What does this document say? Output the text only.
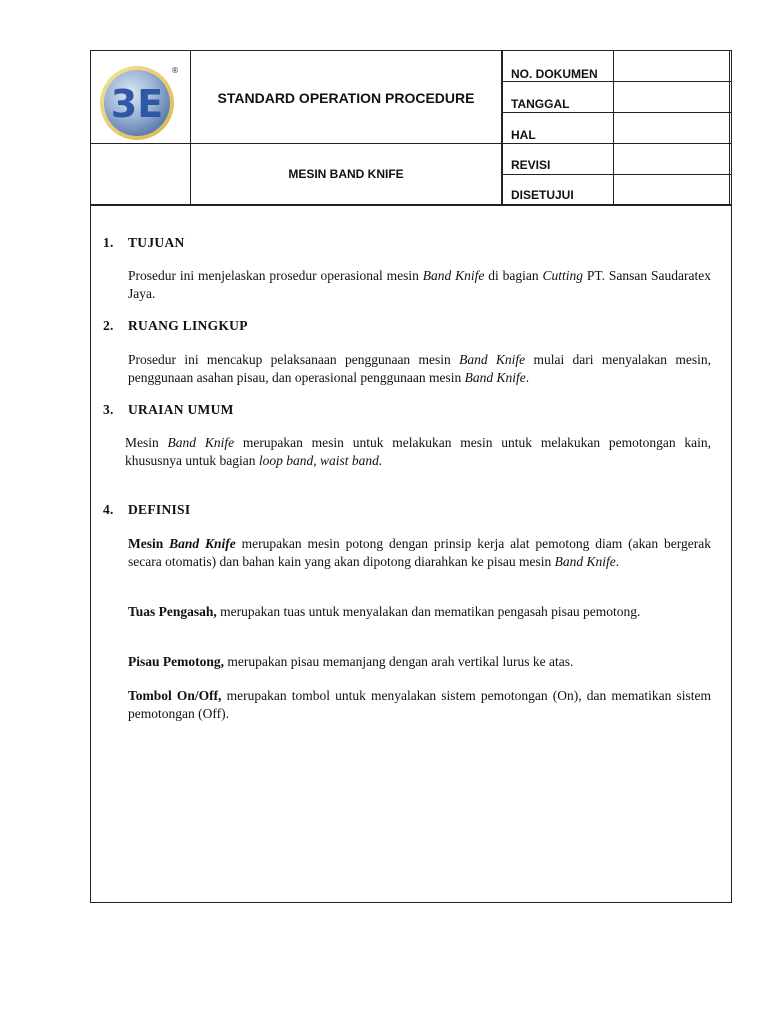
3E
®
STANDARD OPERATION PROCEDURE
MESIN BAND KNIFE
NO. DOKUMEN
TANGGAL
HAL
REVISI
DISETUJUI
1. TUJUAN
Prosedur ini menjelaskan prosedur operasional mesin Band Knife di bagian Cutting PT. Sansan Saudaratex Jaya.
2. RUANG LINGKUP
Prosedur ini mencakup pelaksanaan penggunaan mesin Band Knife mulai dari menyalakan mesin, penggunaan asahan pisau, dan operasional penggunaan mesin Band Knife.
3. URAIAN UMUM
Mesin Band Knife merupakan mesin untuk melakukan mesin untuk melakukan pemotongan kain, khususnya untuk bagian loop band, waist band.
4. DEFINISI
Mesin Band Knife merupakan mesin potong dengan prinsip kerja alat pemotong diam (akan bergerak secara otomatis) dan bahan kain yang akan dipotong diarahkan ke pisau mesin Band Knife.
Tuas Pengasah, merupakan tuas untuk menyalakan dan mematikan pengasah pisau pemotong.
Pisau Pemotong, merupakan pisau memanjang dengan arah vertikal lurus ke atas.
Tombol On/Off, merupakan tombol untuk menyalakan sistem pemotongan (On), dan mematikan sistem pemotongan (Off).
